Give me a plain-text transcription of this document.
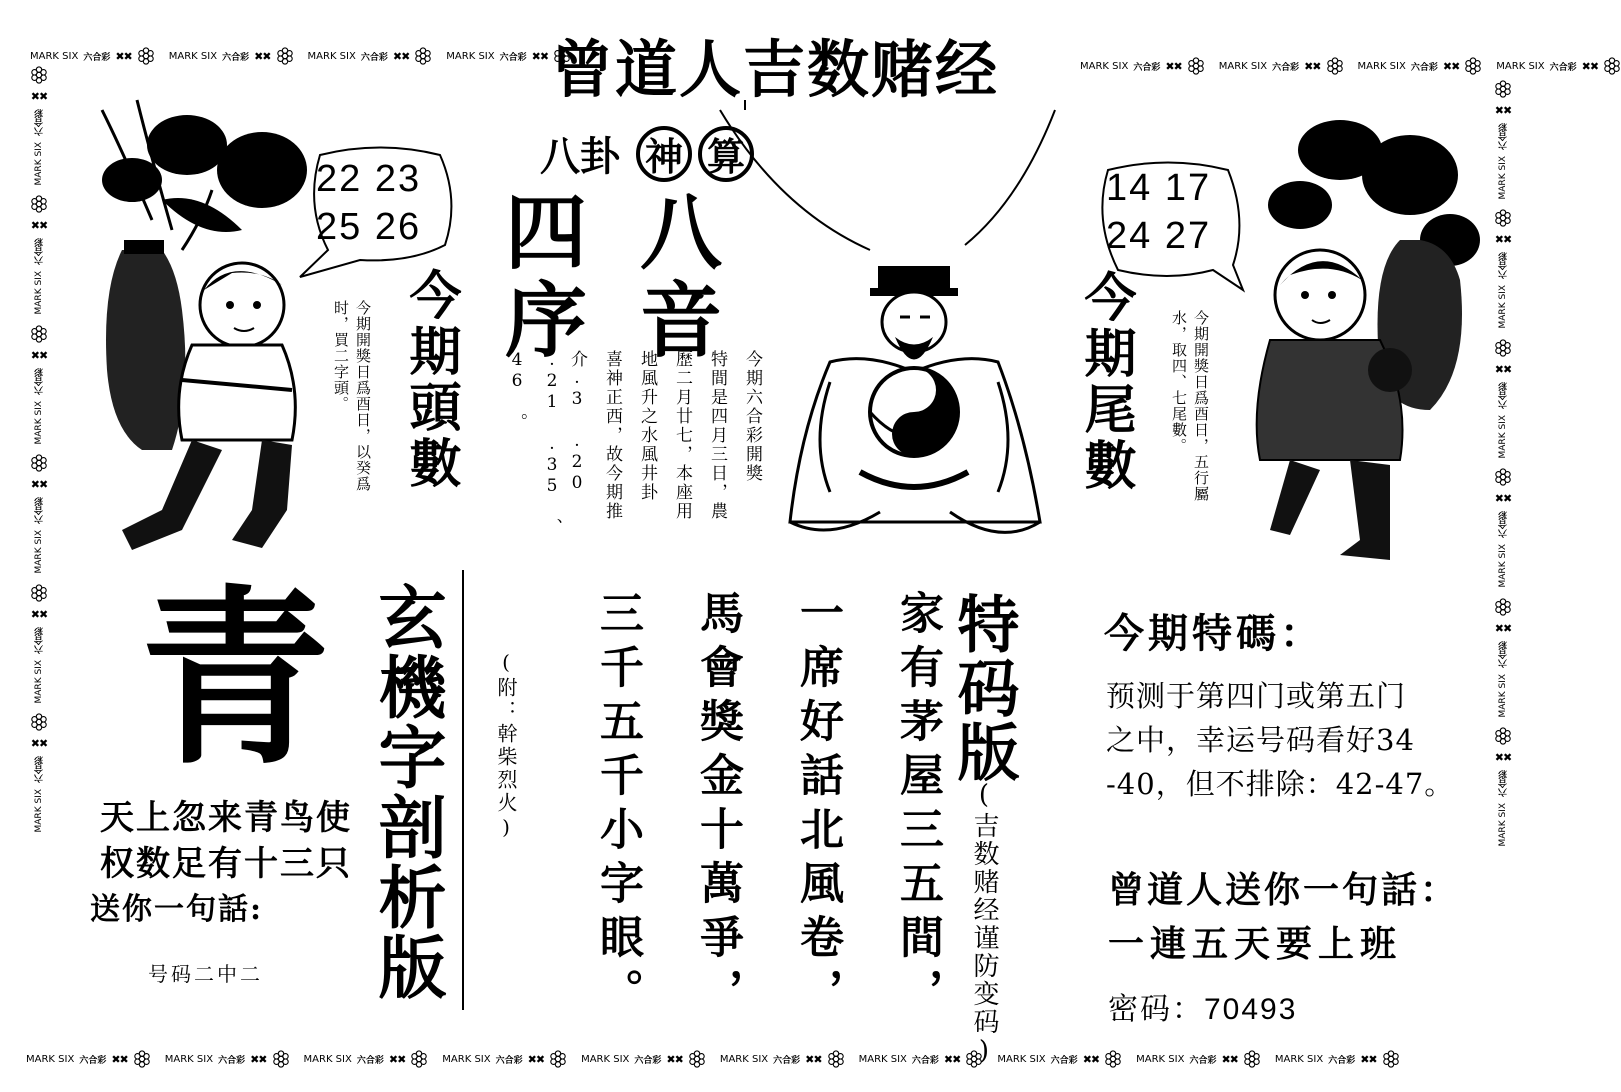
MARK SIX 六合彩 ✖✖	MARK SIX 六合彩 ✖✖	MARK SIX 六合彩 ✖✖	MARK SIX 六合彩 ✖✖
MARK SIX 六合彩 ✖✖	MARK SIX 六合彩 ✖✖	MARK SIX 六合彩 ✖✖	MARK SIX 六合彩 ✖✖
MARK SIX 六合彩 ✖✖	MARK SIX 六合彩 ✖✖	MARK SIX 六合彩 ✖✖	MARK SIX 六合彩 ✖✖	MARK SIX 六合彩 ✖✖	MARK SIX 六合彩 ✖✖	MARK SIX 六合彩 ✖✖	MARK SIX 六合彩 ✖✖	MARK SIX 六合彩 ✖✖	MARK SIX 六合彩 ✖✖
✖✖
六合彩
MARK SIX
✖✖
六合彩
MARK SIX
✖✖
六合彩
MARK SIX
✖✖
六合彩
MARK SIX
✖✖
六合彩
MARK SIX
✖✖
六合彩
MARK SIX
✖✖
六合彩
MARK SIX
✖✖
六合彩
MARK SIX
✖✖
六合彩
MARK SIX
✖✖
六合彩
MARK SIX
✖✖
六合彩
MARK SIX
✖✖
六合彩
MARK SIX
曾道人吉数赌经
八卦 神 算
四序
八音
22 23
25 26
今期頭數
今期開獎日爲酉日，以癸爲时，買二字頭。	今期六合彩開獎
特間是四月三日，農
歷二月廿七，本座用
地風升之水風井卦
喜神正西，故今期推
介.3 .20 .21 .35 、
46 。
14 17
24 27
今期尾數	今期開獎日爲酉日，五行屬水，取四、七尾數。
青
天上忽来青鸟使
权数足有十三只
送你一句話:
号码二中二 玄機字剖析版 (附：幹柴烈火)	家有茅屋三五間，
一席好話北風卷，
馬會獎金十萬爭，
三千五千小字眼。	特码版
(吉数赌经谨防变码)
今期特碼：
预测于第四门或第五门
之中，幸运号码看好34
-40，但不排除：42-47。
曾道人送你一句話：
一連五天要上班
密码：70493
